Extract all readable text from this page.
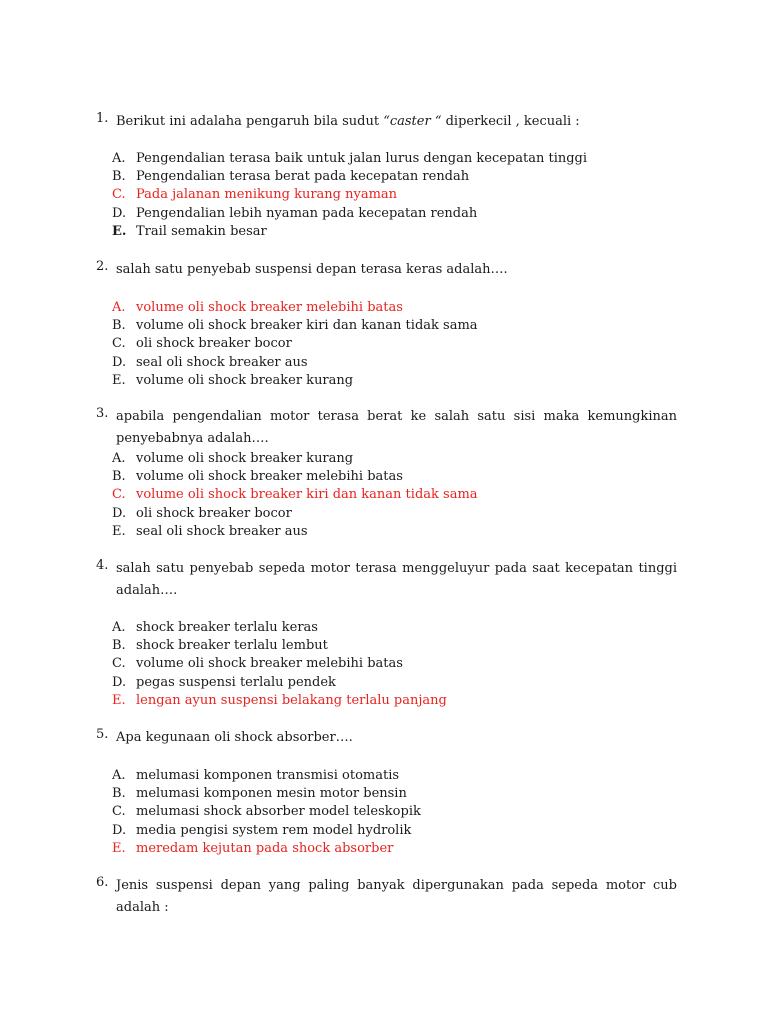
1. Berikut ini adalaha pengaruh bila sudut “caster “ diperkecil , kecuali :
A. Pengendalian terasa baik untuk jalan lurus dengan kecepatan tinggi
B. Pengendalian terasa berat pada kecepatan rendah
C. Pada jalanan menikung kurang nyaman
D. Pengendalian lebih nyaman pada kecepatan rendah
E. Trail semakin besar
2. salah satu penyebab suspensi depan terasa keras adalah….
A. volume oli shock breaker melebihi batas
B. volume oli shock breaker kiri dan kanan tidak sama
C. oli shock breaker bocor
D. seal oli shock breaker aus
E. volume oli shock breaker kurang
3. apabila pengendalian motor terasa berat ke salah satu sisi maka kemungkinan penyebabnya adalah….
A. volume oli shock breaker kurang
B. volume oli shock breaker melebihi batas
C. volume oli shock breaker kiri dan kanan tidak sama
D. oli shock breaker bocor
E. seal oli shock breaker aus
4. salah satu penyebab sepeda motor terasa menggeluyur pada saat kecepatan tinggi adalah….
A. shock breaker terlalu keras
B. shock breaker terlalu lembut
C. volume oli shock breaker melebihi batas
D. pegas suspensi terlalu pendek
E. lengan ayun suspensi belakang terlalu panjang
5. Apa kegunaan oli shock absorber….
A. melumasi komponen transmisi otomatis
B. melumasi komponen mesin motor bensin
C. melumasi shock absorber model teleskopik
D. media pengisi system rem model hydrolik
E. meredam kejutan pada shock absorber
6. Jenis suspensi depan yang paling banyak dipergunakan pada sepeda motor cub adalah :
